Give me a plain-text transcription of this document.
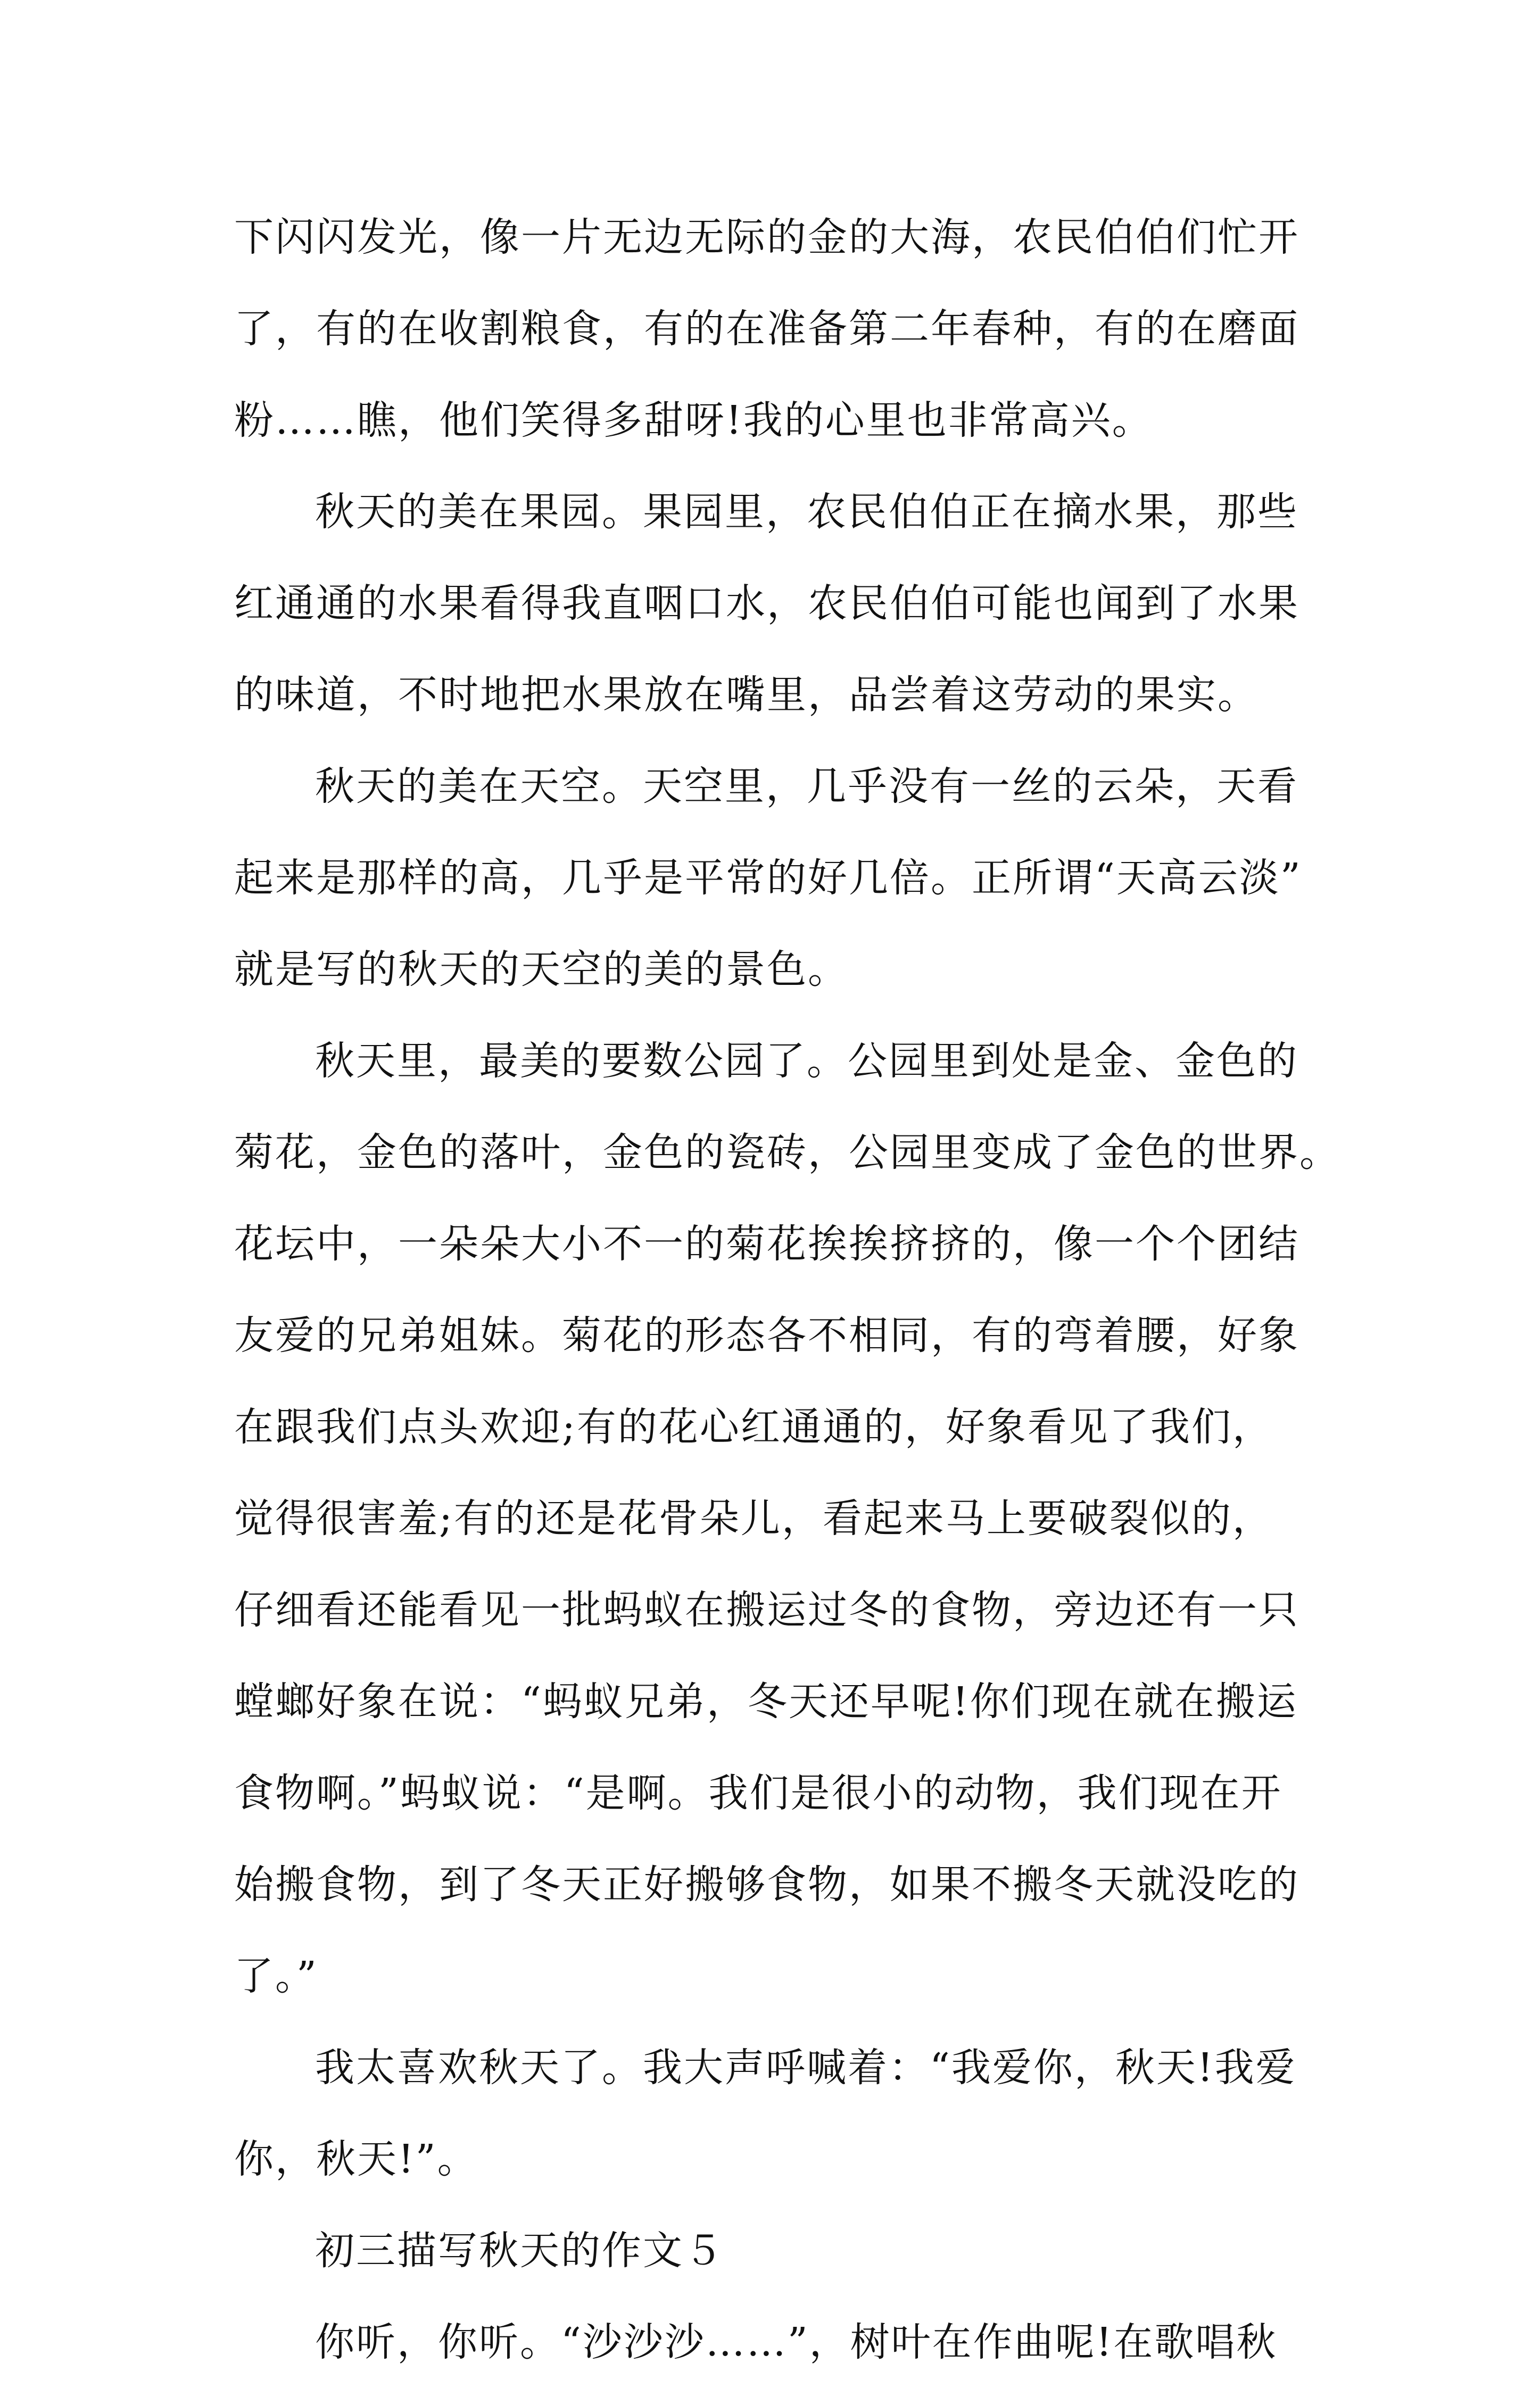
下闪闪发光，像一片无边无际的金的大海，农民伯伯们忙开
了，有的在收割粮食，有的在准备第二年春种，有的在磨面
粉……瞧，他们笑得多甜呀!我的心里也非常高兴。
秋天的美在果园。果园里，农民伯伯正在摘水果，那些
红通通的水果看得我直咽口水，农民伯伯可能也闻到了水果
的味道，不时地把水果放在嘴里，品尝着这劳动的果实。
秋天的美在天空。天空里，几乎没有一丝的云朵，天看
起来是那样的高，几乎是平常的好几倍。正所谓“天高云淡”
就是写的秋天的天空的美的景色。
秋天里，最美的要数公园了。公园里到处是金、金色的
菊花，金色的落叶，金色的瓷砖，公园里变成了金色的世界。
花坛中，一朵朵大小不一的菊花挨挨挤挤的，像一个个团结
友爱的兄弟姐妹。菊花的形态各不相同，有的弯着腰，好象
在跟我们点头欢迎;有的花心红通通的，好象看见了我们，
觉得很害羞;有的还是花骨朵儿，看起来马上要破裂似的，
仔细看还能看见一批蚂蚁在搬运过冬的食物，旁边还有一只
螳螂好象在说：“蚂蚁兄弟，冬天还早呢!你们现在就在搬运
食物啊。”蚂蚁说：“是啊。我们是很小的动物，我们现在开
始搬食物，到了冬天正好搬够食物，如果不搬冬天就没吃的
了。”
我太喜欢秋天了。我大声呼喊着：“我爱你，秋天!我爱
你，秋天!”。
初三描写秋天的作文５
你听，你听。“沙沙沙……”，树叶在作曲呢!在歌唱秋
